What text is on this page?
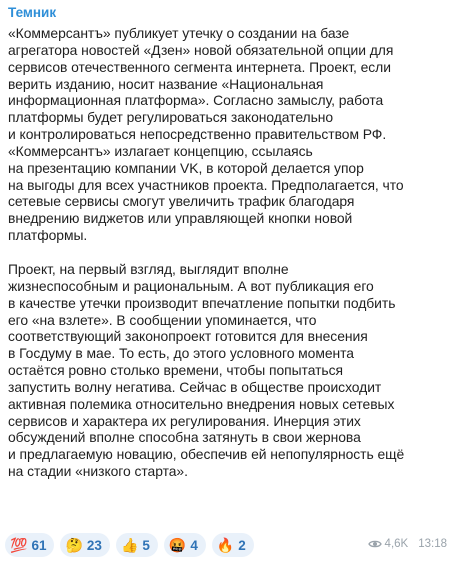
Темник

«Коммерсантъ» публикует утечку о создании на базе

агрегатора новостей «Дзен» новой обязательной опции для

сервисов отечественного сегмента интернета. Проект, если

верить изданию, носит название «Национальная

информационная платформа». Согласно замыслу, работа

платформы будет регулироваться законодательно

и контролироваться непосредственно правительством РФ.

«Коммерсантъ» излагает концепцию, ссылаясь

на презентацию компании VK, в которой делается упор

на выгоды для всех участников проекта. Предполагается, что

сетевые сервисы смогут увеличить трафик благодаря

внедрению виджетов или управляющей кнопки новой

платформы.

Проект, на первый взгляд, выглядит вполне

жизнеспособным и рациональным. А вот публикация его

в качестве утечки производит впечатление попытки подбить

его «на взлете». В сообщении упоминается, что

соответствующий законопроект готовится для внесения

в Госдуму в мае. То есть, до этого условного момента

остаётся ровно столько времени, чтобы попытаться

запустить волну негатива. Сейчас в обществе происходит

активная полемика относительно внедрения новых сетевых

сервисов и характера их регулирования. Инерция этих

обсуждений вполне способна затянуть в свои жернова

и предлагаемую новацию, обеспечив ей непопулярность ещё

на стадии «низкого старта».

💯 61 🤔 23 👍 5 🤬 4 🔥 2	4,6K 13:18
